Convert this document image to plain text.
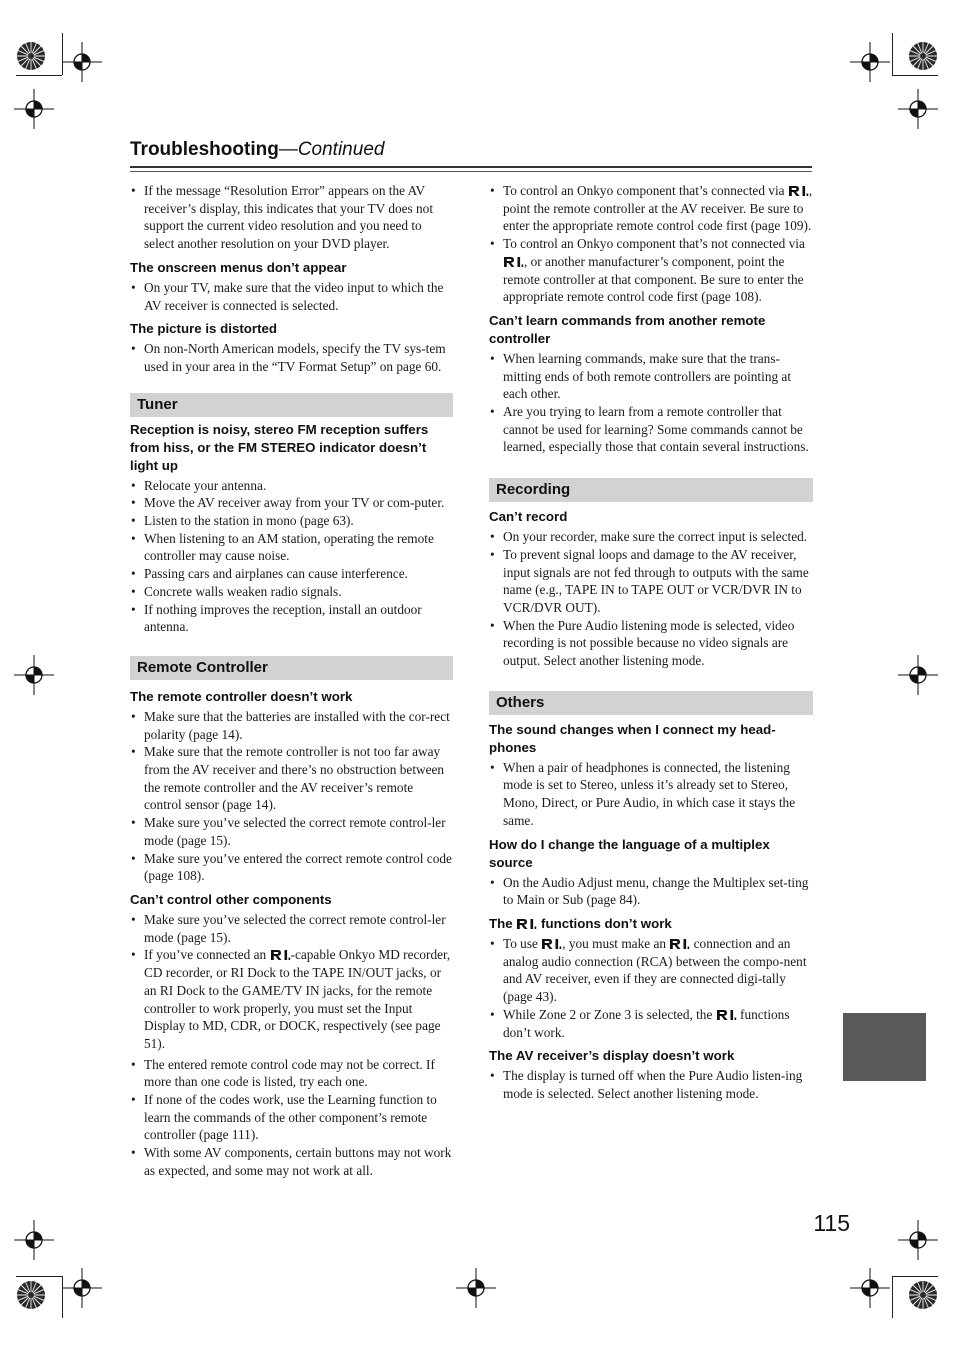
Troubleshooting—Continued
• If the message “Resolution Error” appears on the AV receiver’s display, this indicates that your TV does not support the current video resolution and you need to select another resolution on your DVD player.
The onscreen menus don’t appear
• On your TV, make sure that the video input to which the AV receiver is connected is selected.
The picture is distorted
• On non-North American models, specify the TV sys-tem used in your area in the “TV Format Setup” on page 60.
Tuner
Reception is noisy, stereo FM reception suffers from hiss, or the FM STEREO indicator doesn’t light up
• Relocate your antenna.
• Move the AV receiver away from your TV or com-puter.
• Listen to the station in mono (page 63).
• When listening to an AM station, operating the remote controller may cause noise.
• Passing cars and airplanes can cause interference.
• Concrete walls weaken radio signals.
• If nothing improves the reception, install an outdoor antenna.
Remote Controller
The remote controller doesn’t work
• Make sure that the batteries are installed with the cor-rect polarity (page 14).
• Make sure that the remote controller is not too far away from the AV receiver and there’s no obstruction between the remote controller and the AV receiver’s remote control sensor (page 14).
• Make sure you’ve selected the correct remote control-ler mode (page 15).
• Make sure you’ve entered the correct remote control code (page 108).
Can’t control other components
• Make sure you’ve selected the correct remote control-ler mode (page 15).
• If you’ve connected an -capable Onkyo MD recorder, CD recorder, or RI Dock to the TAPE IN/OUT jacks, or an RI Dock to the GAME/TV IN jacks, for the remote controller to work properly, you must set the Input Display to MD, CDR, or DOCK, respectively (see page 51).
• The entered remote control code may not be correct. If more than one code is listed, try each one.
• If none of the codes work, use the Learning function to learn the commands of the other component’s remote controller (page 111).
• With some AV components, certain buttons may not work as expected, and some may not work at all.
• To control an Onkyo component that’s connected via , point the remote controller at the AV receiver. Be sure to enter the appropriate remote control code first (page 109).
• To control an Onkyo component that’s not connected via , or another manufacturer’s component, point the remote controller at that component. Be sure to enter the appropriate remote control code first (page 108).
Can’t learn commands from another remote controller
• When learning commands, make sure that the trans-mitting ends of both remote controllers are pointing at each other.
• Are you trying to learn from a remote controller that cannot be used for learning? Some commands cannot be learned, especially those that contain several instructions.
Recording
Can’t record
• On your recorder, make sure the correct input is selected.
• To prevent signal loops and damage to the AV receiver, input signals are not fed through to outputs with the same name (e.g., TAPE IN to TAPE OUT or VCR/DVR IN to VCR/DVR OUT).
• When the Pure Audio listening mode is selected, video recording is not possible because no video signals are output. Select another listening mode.
Others
The sound changes when I connect my head-phones
• When a pair of headphones is connected, the listening mode is set to Stereo, unless it’s already set to Stereo, Mono, Direct, or Pure Audio, in which case it stays the same.
How do I change the language of a multiplex source
• On the Audio Adjust menu, change the Multiplex set-ting to Main or Sub (page 84).
The  functions don’t work
• To use , you must make an  connection and an analog audio connection (RCA) between the compo-nent and AV receiver, even if they are connected digi-tally (page 43).
• While Zone 2 or Zone 3 is selected, the  functions don’t work.
The AV receiver’s display doesn’t work
• The display is turned off when the Pure Audio listen-ing mode is selected. Select another listening mode.
115
